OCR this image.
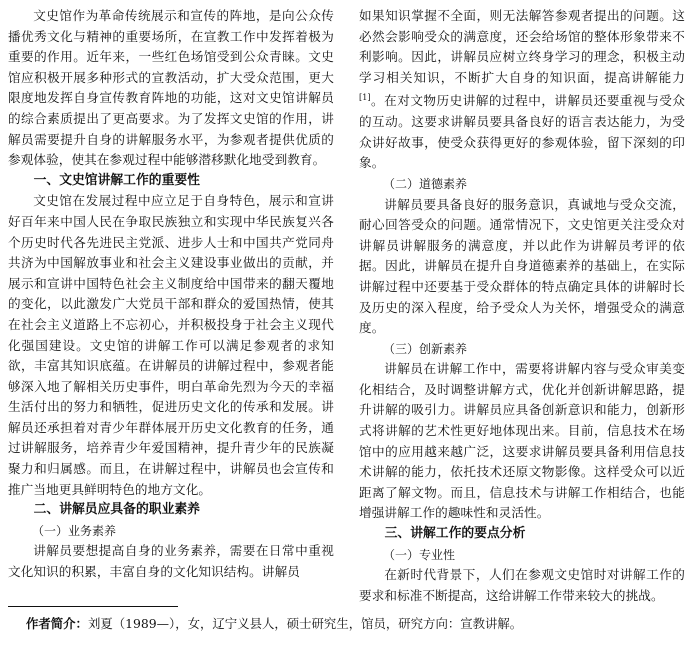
文史馆作为革命传统展示和宣传的阵地，是向公众传播优秀文化与精神的重要场所，在宣教工作中发挥着极为重要的作用。近年来，一些红色场馆受到公众青睐。文史馆应积极开展多种形式的宣教活动，扩大受众范围，更大限度地发挥自身宣传教育阵地的功能，这对文史馆讲解员的综合素质提出了更高要求。为了发挥文史馆的作用，讲解员需要提升自身的讲解服务水平，为参观者提供优质的参观体验，使其在参观过程中能够潜移默化地受到教育。

一、文史馆讲解工作的重要性

文史馆在发展过程中应立足于自身特色，展示和宣讲好百年来中国人民在争取民族独立和实现中华民族复兴各个历史时代各先进民主党派、进步人士和中国共产党同舟共济为中国解放事业和社会主义建设事业做出的贡献，并展示和宣讲中国特色社会主义制度给中国带来的翻天覆地的变化，以此激发广大党员干部和群众的爱国热情，使其在社会主义道路上不忘初心，并积极投身于社会主义现代化强国建设。文史馆的讲解工作可以满足参观者的求知欲，丰富其知识底蕴。在讲解员的讲解过程中，参观者能够深入地了解相关历史事件，明白革命先烈为今天的幸福生活付出的努力和牺牲，促进历史文化的传承和发展。讲解员还承担着对青少年群体展开历史文化教育的任务，通过讲解服务，培养青少年爱国精神，提升青少年的民族凝聚力和归属感。而且，在讲解过程中，讲解员也会宣传和推广当地更具鲜明特色的地方文化。

二、讲解员应具备的职业素养

（一）业务素养

讲解员要想提高自身的业务素养，需要在日常中重视文化知识的积累，丰富自身的文化知识结构。讲解员

如果知识掌握不全面，则无法解答参观者提出的问题。这必然会影响受众的满意度，还会给场馆的整体形象带来不利影响。因此，讲解员应树立终身学习的理念，积极主动学习相关知识，不断扩大自身的知识面，提高讲解能力[1]。在对文物历史讲解的过程中，讲解员还要重视与受众的互动。这要求讲解员要具备良好的语言表达能力，为受众讲好故事，使受众获得更好的参观体验，留下深刻的印象。

（二）道德素养

讲解员要具备良好的服务意识，真诚地与受众交流，耐心回答受众的问题。通常情况下，文史馆更关注受众对讲解员讲解服务的满意度，并以此作为讲解员考评的依据。因此，讲解员在提升自身道德素养的基础上，在实际讲解过程中还要基于受众群体的特点确定具体的讲解时长及历史的深入程度，给予受众人为关怀，增强受众的满意度。

（三）创新素养

讲解员在讲解工作中，需要将讲解内容与受众审美变化相结合，及时调整讲解方式，优化并创新讲解思路，提升讲解的吸引力。讲解员应具备创新意识和能力，创新形式将讲解的艺术性更好地体现出来。目前，信息技术在场馆中的应用越来越广泛，这要求讲解员要具备利用信息技术讲解的能力，依托技术还原文物影像。这样受众可以近距离了解文物。而且，信息技术与讲解工作相结合，也能增强讲解工作的趣味性和灵活性。

三、讲解工作的要点分析

（一）专业性

在新时代背景下，人们在参观文史馆时对讲解工作的要求和标准不断提高，这给讲解工作带来较大的挑战。

作者简介：刘夏（1989—），女，辽宁义县人，硕士研究生，馆员，研究方向：宣教讲解。
